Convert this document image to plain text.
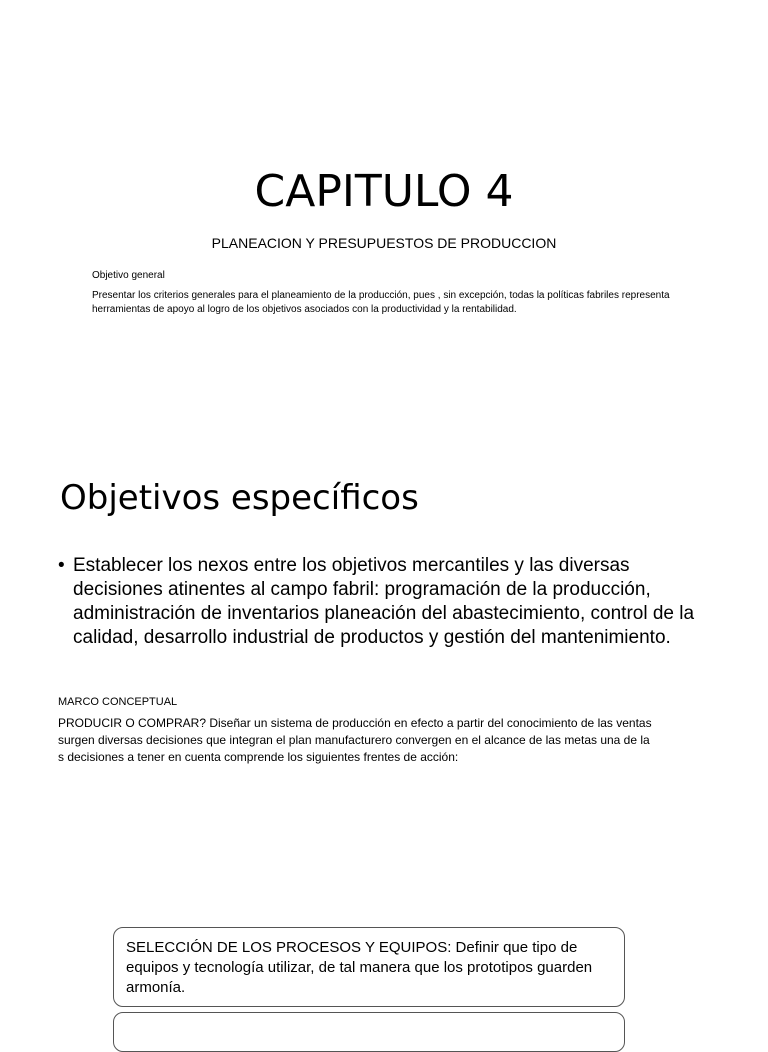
CAPITULO 4
PLANEACION Y PRESUPUESTOS DE PRODUCCION
Objetivo general
Presentar los criterios generales para el planeamiento de la producción, pues , sin excepción, todas la políticas fabriles representa herramientas de apoyo al logro de los objetivos asociados con la productividad y la rentabilidad.
Objetivos específicos
• Establecer los nexos entre los objetivos mercantiles y las diversas decisiones atinentes al campo fabril: programación de la producción, administración de inventarios planeación del abastecimiento, control de la calidad, desarrollo industrial de productos y gestión del mantenimiento.
MARCO CONCEPTUAL
PRODUCIR O COMPRAR? Diseñar un sistema de producción en efecto a partir del conocimiento de las ventas surgen diversas decisiones que integran el plan manufacturero convergen en el alcance de las metas una de la s decisiones a tener en cuenta comprende los siguientes frentes de acción:
SELECCIÓN DE LOS PROCESOS Y EQUIPOS: Definir que tipo de equipos y tecnología utilizar, de tal manera que los prototipos guarden armonía.
